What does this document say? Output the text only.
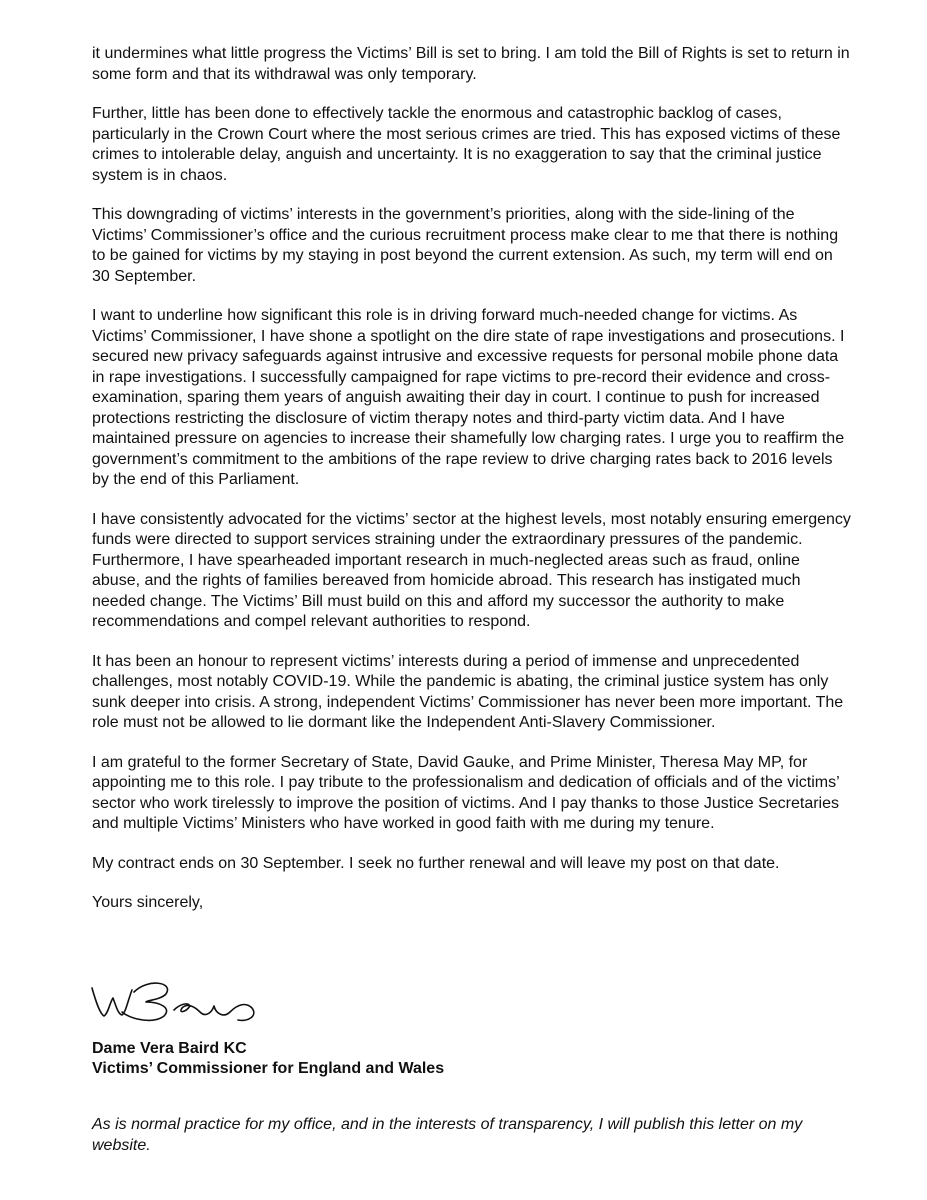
it undermines what little progress the Victims’ Bill is set to bring. I am told the Bill of Rights is set to return in some form and that its withdrawal was only temporary.

Further, little has been done to effectively tackle the enormous and catastrophic backlog of cases, particularly in the Crown Court where the most serious crimes are tried. This has exposed victims of these crimes to intolerable delay, anguish and uncertainty. It is no exaggeration to say that the criminal justice system is in chaos.

This downgrading of victims’ interests in the government’s priorities, along with the side-lining of the Victims’ Commissioner’s office and the curious recruitment process make clear to me that there is nothing to be gained for victims by my staying in post beyond the current extension. As such, my term will end on 30 September.

I want to underline how significant this role is in driving forward much-needed change for victims. As Victims’ Commissioner, I have shone a spotlight on the dire state of rape investigations and prosecutions. I secured new privacy safeguards against intrusive and excessive requests for personal mobile phone data in rape investigations. I successfully campaigned for rape victims to pre-record their evidence and cross-examination, sparing them years of anguish awaiting their day in court. I continue to push for increased protections restricting the disclosure of victim therapy notes and third-party victim data. And I have maintained pressure on agencies to increase their shamefully low charging rates. I urge you to reaffirm the government’s commitment to the ambitions of the rape review to drive charging rates back to 2016 levels by the end of this Parliament.

I have consistently advocated for the victims’ sector at the highest levels, most notably ensuring emergency funds were directed to support services straining under the extraordinary pressures of the pandemic. Furthermore, I have spearheaded important research in much-neglected areas such as fraud, online abuse, and the rights of families bereaved from homicide abroad. This research has instigated much needed change. The Victims’ Bill must build on this and afford my successor the authority to make recommendations and compel relevant authorities to respond.

It has been an honour to represent victims’ interests during a period of immense and unprecedented challenges, most notably COVID-19. While the pandemic is abating, the criminal justice system has only sunk deeper into crisis. A strong, independent Victims’ Commissioner has never been more important. The role must not be allowed to lie dormant like the Independent Anti-Slavery Commissioner.

I am grateful to the former Secretary of State, David Gauke, and Prime Minister, Theresa May MP, for appointing me to this role. I pay tribute to the professionalism and dedication of officials and of the victims’ sector who work tirelessly to improve the position of victims. And I pay thanks to those Justice Secretaries and multiple Victims’ Ministers who have worked in good faith with me during my tenure.

My contract ends on 30 September. I seek no further renewal and will leave my post on that date.

Yours sincerely,

Dame Vera Baird KC
Victims’ Commissioner for England and Wales

As is normal practice for my office, and in the interests of transparency, I will publish this letter on my website.
